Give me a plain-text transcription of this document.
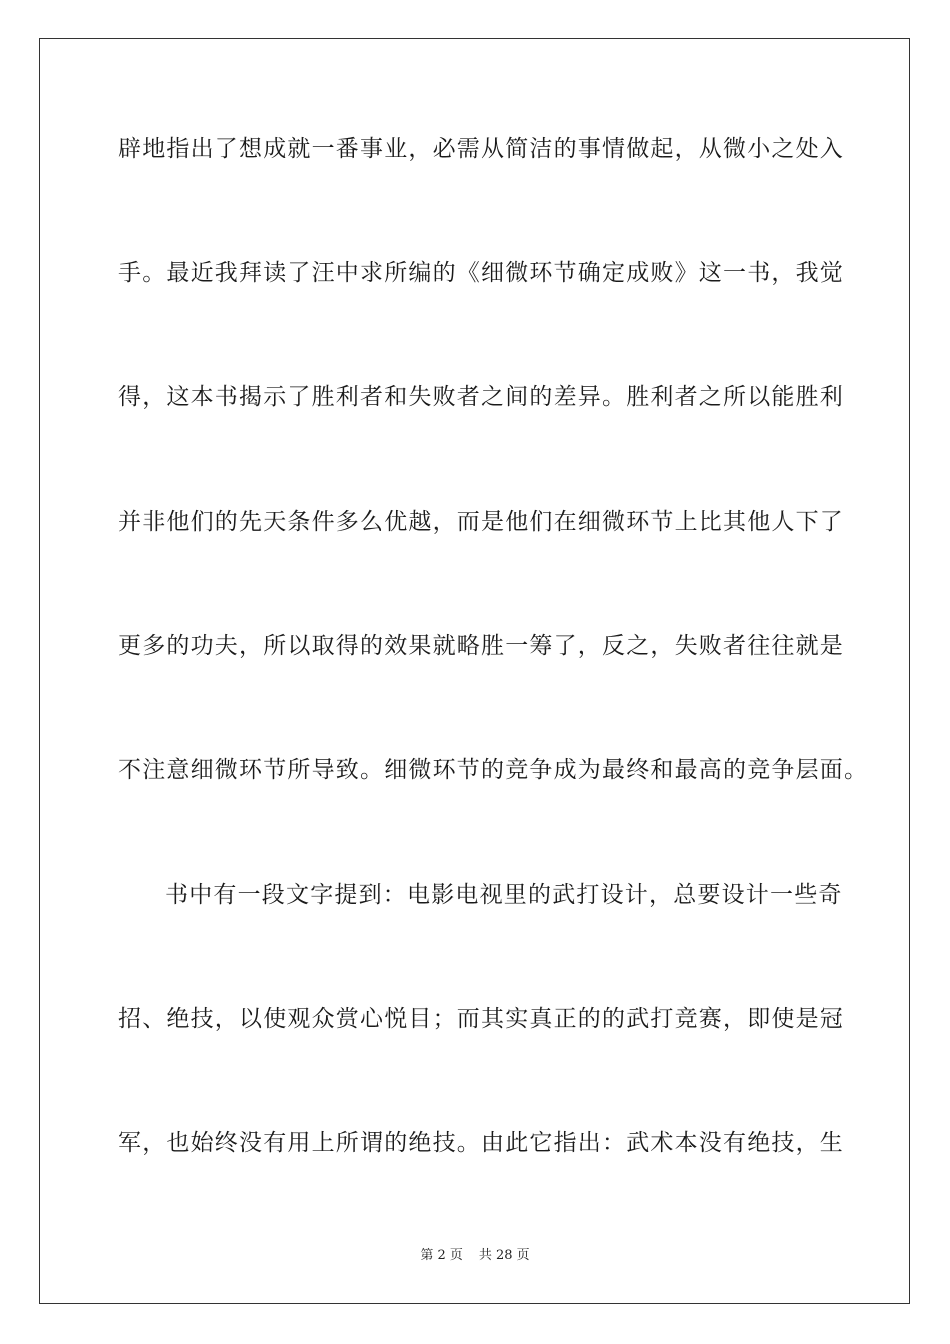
辟地指出了想成就一番事业，必需从简洁的事情做起，从微小之处入
手。最近我拜读了汪中求所编的《细微环节确定成败》这一书，我觉
得，这本书揭示了胜利者和失败者之间的差异。胜利者之所以能胜利
并非他们的先天条件多么优越，而是他们在细微环节上比其他人下了
更多的功夫，所以取得的效果就略胜一筹了，反之，失败者往往就是
不注意细微环节所导致。细微环节的竞争成为最终和最高的竞争层面。
书中有一段文字提到：电影电视里的武打设计，总要设计一些奇
招、绝技，以使观众赏心悦目；而其实真正的的武打竞赛，即使是冠
军，也始终没有用上所谓的绝技。由此它指出：武术本没有绝技，生
第 2 页 共 28 页
